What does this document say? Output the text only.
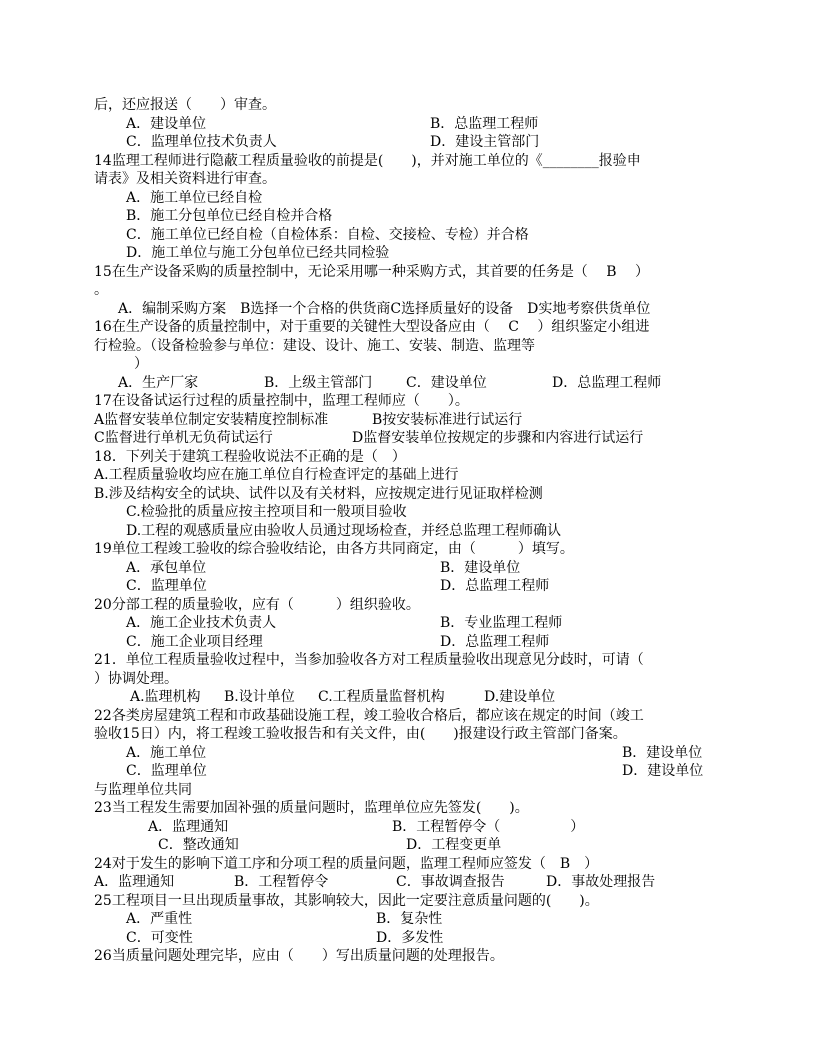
后，还应报送（　　）审查。
A．建设单位	B．总监理工程师
C．监理单位技术负责人	D．建设主管部门
14监理工程师进行隐蔽工程质量验收的前提是(　　)，并对施工单位的《________报验申
请表》及相关资料进行审查。
A．施工单位已经自检
B．施工分包单位已经自检并合格
C．施工单位已经自检（自检体系：自检、交接检、专检）并合格
D．施工单位与施工分包单位已经共同检验
15在生产设备采购的质量控制中，无论采用哪一种采购方式，其首要的任务是（　 B　 ）
。
A．编制采购方案　B选择一个合格的供货商C选择质量好的设备　D实地考察供货单位
16在生产设备的质量控制中，对于重要的关键性大型设备应由（　 C　 ）组织鉴定小组进
行检验。（设备检验参与单位：建设、设计、施工、安装、制造、监理等
）
A．生产厂家	B．上级主管部门 C．建设单位	D．总监理工程师
17在设备试运行过程的质量控制中，监理工程师应（　　）。
A监督安装单位制定安装精度控制标准	B按安装标准进行试运行
C监督进行单机无负荷试运行	D监督安装单位按规定的步骤和内容进行试运行
18．下列关于建筑工程验收说法不正确的是（　）
A.工程质量验收均应在施工单位自行检查评定的基础上进行
B.涉及结构安全的试块、试件以及有关材料，应按规定进行见证取样检测
C.检验批的质量应按主控项目和一般项目验收
D.工程的观感质量应由验收人员通过现场检查，并经总监理工程师确认
19单位工程竣工验收的综合验收结论，由各方共同商定，由（　　　）填写。
A．承包单位	B．建设单位
C．监理单位	D．总监理工程师
20分部工程的质量验收，应有（　　　）组织验收。
A．施工企业技术负责人	B．专业监理工程师
C．施工企业项目经理	D．总监理工程师
21．单位工程质量验收过程中，当参加验收各方对工程质量验收出现意见分歧时，可请（
）协调处理。
A.监理机构 B.设计单位 C.工程质量监督机构	D.建设单位
22各类房屋建筑工程和市政基础设施工程，竣工验收合格后，都应该在规定的时间（竣工
验收15日）内，将工程竣工验收报告和有关文件，由(　　)报建设行政主管部门备案。
A．施工单位	B．建设单位
C．监理单位	D．建设单位
与监理单位共同
23当工程发生需要加固补强的质量问题时，监理单位应先签发(　　)。
A．监理通知	B．工程暂停令（　　　　　）
C．整改通知	D．工程变更单
24对于发生的影响下道工序和分项工程的质量问题，监理工程师应签发（　B　）
A．监理通知	B．工程暂停令	C．事故调查报告	D．事故处理报告
25工程项目一旦出现质量事故，其影响较大，因此一定要注意质量问题的(　　)。
A．严重性	B．复杂性
C．可变性	D．多发性
26当质量问题处理完毕，应由（　　）写出质量问题的处理报告。
